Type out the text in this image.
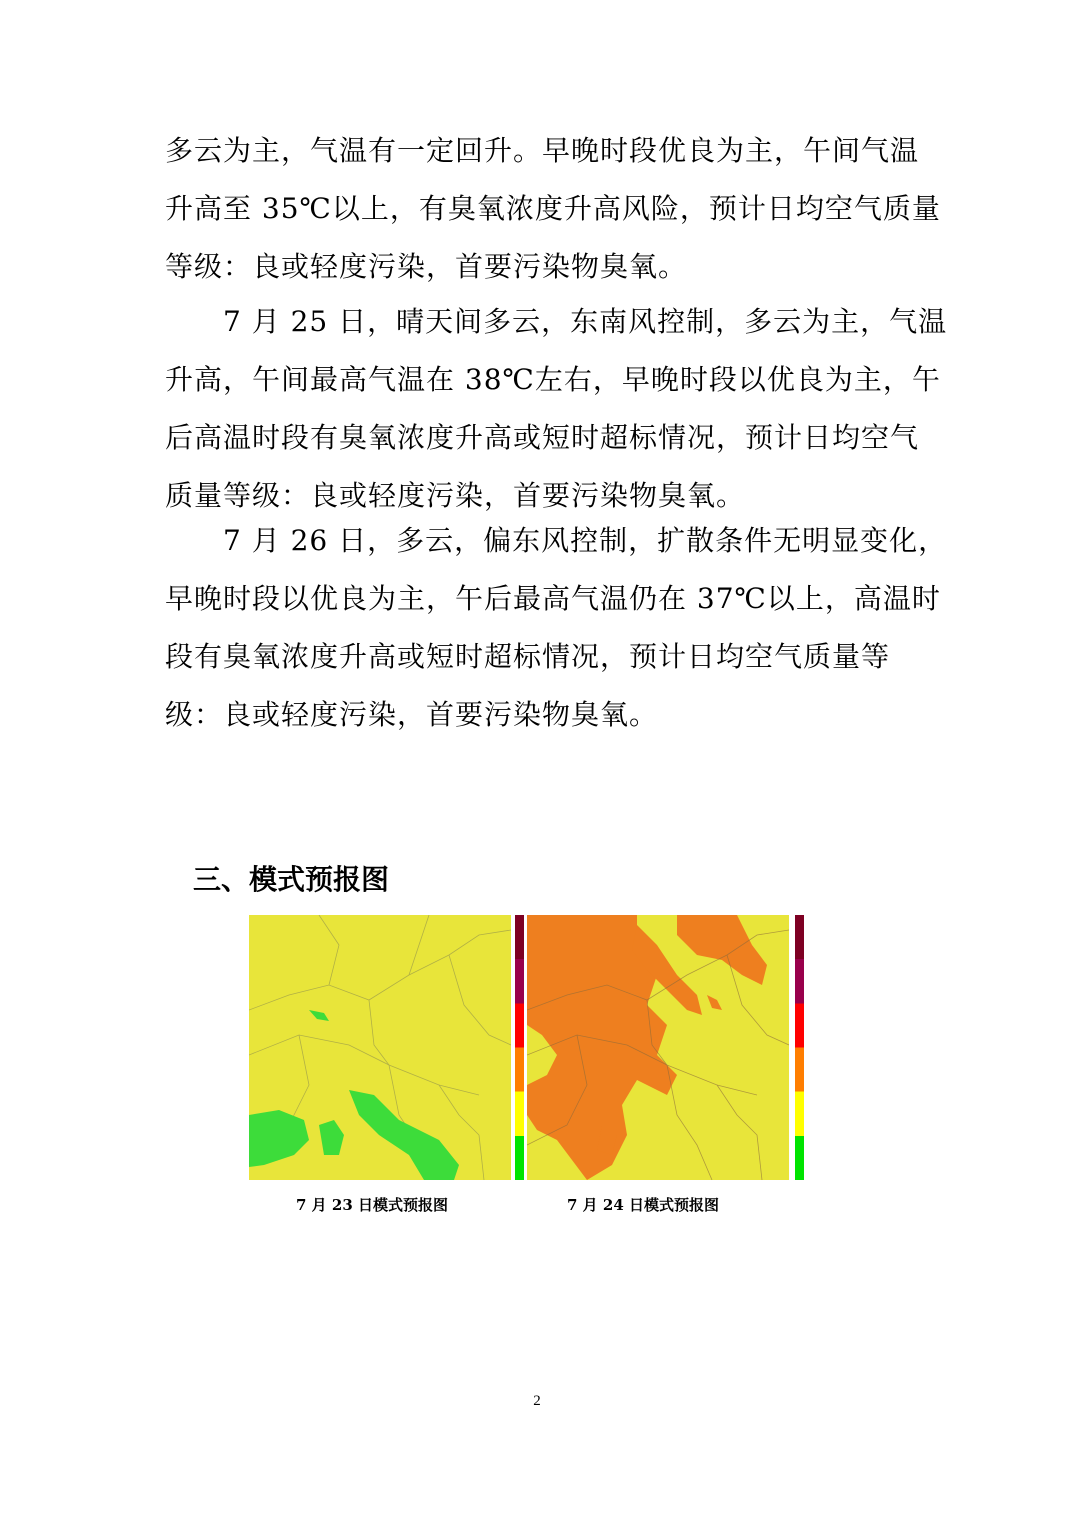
多云为主，气温有一定回升。早晚时段优良为主，午间气温
升高至 35℃以上，有臭氧浓度升高风险，预计日均空气质量
等级：良或轻度污染，首要污染物臭氧。
　　7 月 25 日，晴天间多云，东南风控制，多云为主，气温
升高，午间最高气温在 38℃左右，早晚时段以优良为主，午
后高温时段有臭氧浓度升高或短时超标情况，预计日均空气
质量等级：良或轻度污染，首要污染物臭氧。
　　7 月 26 日，多云，偏东风控制，扩散条件无明显变化，
早晚时段以优良为主，午后最高气温仍在 37℃以上，高温时
段有臭氧浓度升高或短时超标情况，预计日均空气质量等
级：良或轻度污染，首要污染物臭氧。
三、模式预报图
7 月 23 日模式预报图	7 月 24 日模式预报图
2
